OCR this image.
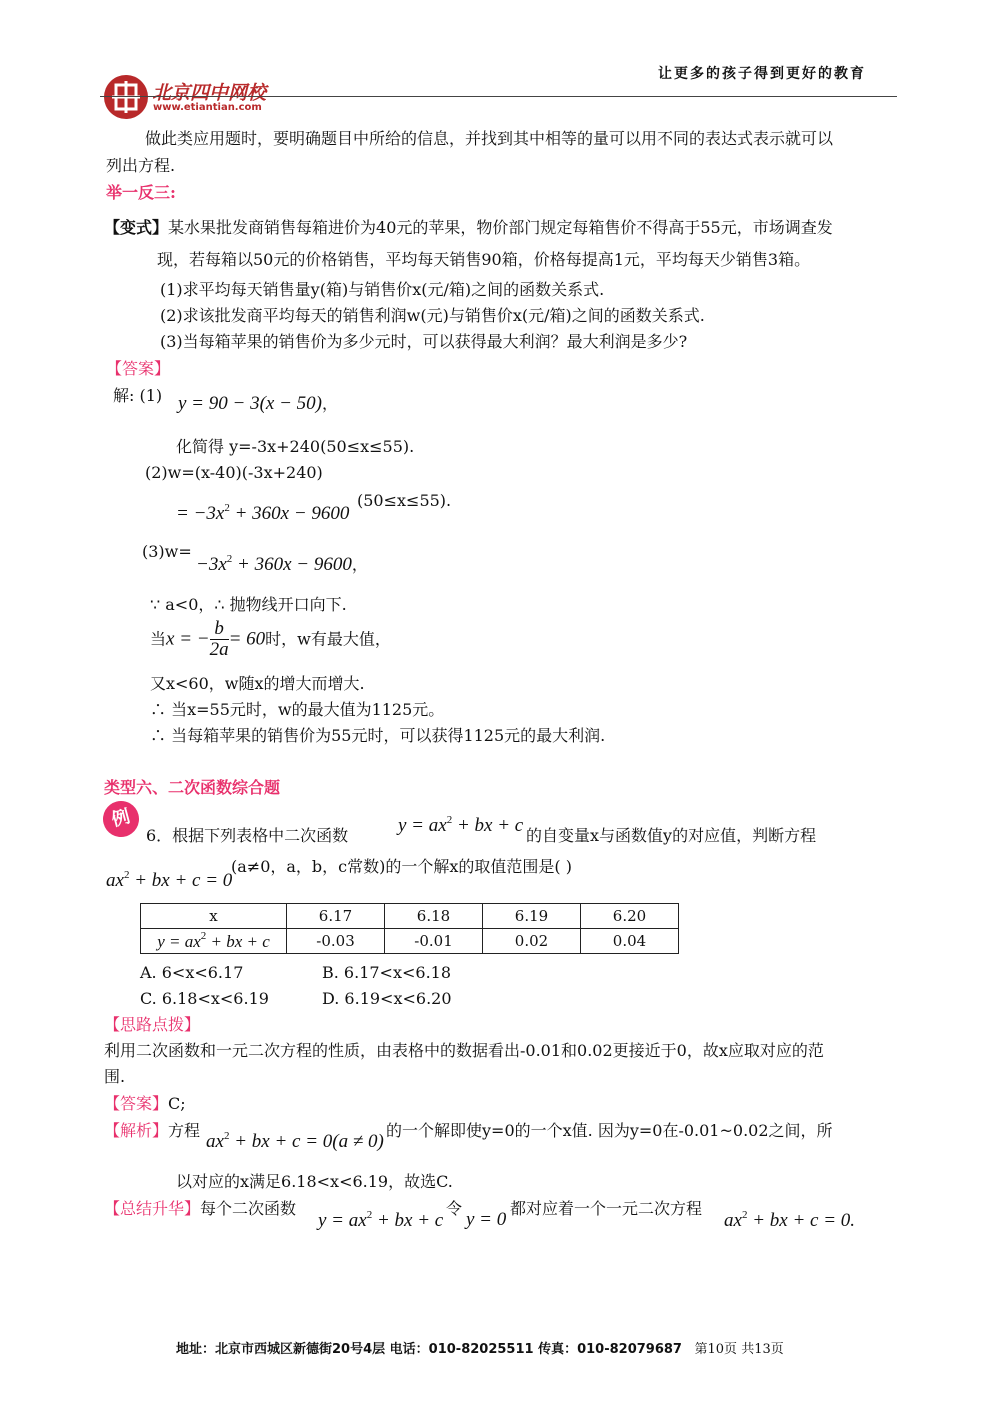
让更多的孩子得到更好的教育
北京四中网校
www.etiantian.com
做此类应用题时，要明确题目中所给的信息，并找到其中相等的量可以用不同的表达式表示就可以
列出方程.
举一反三:
【变式】某水果批发商销售每箱进价为40元的苹果，物价部门规定每箱售价不得高于55元，市场调查发
现，若每箱以50元的价格销售，平均每天销售90箱，价格每提高1元，平均每天少销售3箱。
(1)求平均每天销售量y(箱)与销售价x(元/箱)之间的函数关系式.
(2)求该批发商平均每天的销售利润w(元)与销售价x(元/箱)之间的函数关系式.
(3)当每箱苹果的销售价为多少元时，可以获得最大利润？最大利润是多少?
【答案】
解: (1) y = 90 − 3(x − 50)，
化简得 y=-3x+240(50≤x≤55).
(2)w=(x-40)(-3x+240)
= $-3x^2 + 360x - 9600$
(50≤x≤55).
(3)w=
$-3x^2 + 360x - 9600$，
∵ a<0，∴ 抛物线开口向下.
当x = − $\frac{b}{2a} = 60$时，w有最大值，
又x<60，w随x的增大而增大.
∴ 当x=55元时，w的最大值为1125元。
∴ 当每箱苹果的销售价为55元时，可以获得1125元的最大利润.
类型六、二次函数综合题
例
6．根据下列表格中二次函数	$y = ax^2$ + bx + c 的自变量x与函数值y的对应值，判断方程
$ax^2$ + bx + c = 0
(a≠0，a，b，c常数)的一个解x的取值范围是( )
x	6.17	6.18	6.19	6.20
$y = ax^2$ + bx + c	-0.03	-0.01	0.02	0.04
A. 6<x<6.17	B. 6.17<x<6.18
C. 6.18<x<6.19	D. 6.19<x<6.20
【思路点拨】
利用二次函数和一元二次方程的性质，由表格中的数据看出-0.01和0.02更接近于0，故x应取对应的范
围.
【答案】C;
【解析】方程
$ax^2$ + bx + c = 0(a ≠ 0)
的一个解即使y=0的一个x值. 因为y=0在-0.01~0.02之间，所
以对应的x满足6.18<x<6.19，故选C.
【总结升华】每个二次函数
$y = ax^2$ + bx + c
令
y = 0
都对应着一个一元二次方程
$ax^2$ + bx + c = 0.
地址：北京市西城区新德街20号4层 电话：010-82025511 传真：010-82079687 第10页 共13页
